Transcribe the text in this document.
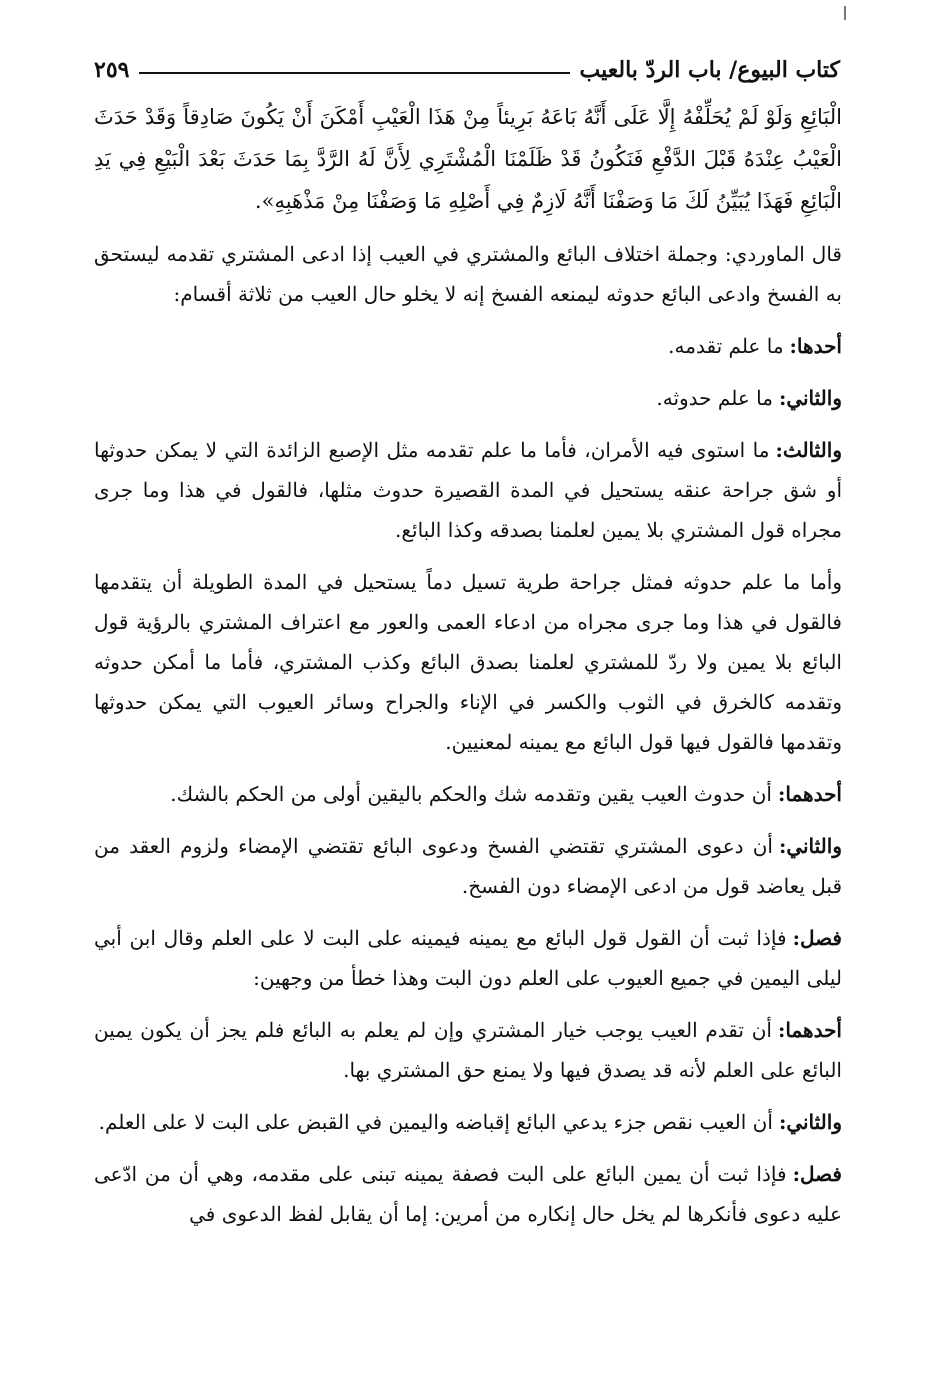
كتاب البيوع/ باب الردّ بالعيب
٢٥٩

الْبَائِعِ وَلَوْ لَمْ يُحَلِّفْهُ إِلَّا عَلَى أَنَّهُ بَاعَهُ بَرِيئاً مِنْ هَذَا الْعَيْبِ أَمْكَنَ أَنْ يَكُونَ صَادِقاً وَقَدْ حَدَثَ الْعَيْبُ عِنْدَهُ قَبْلَ الدَّفْعِ فَنَكُونُ قَدْ ظَلَمْنَا الْمُشْتَرِي لِأَنَّ لَهُ الرَّدَّ بِمَا حَدَثَ بَعْدَ الْبَيْعِ فِي يَدِ الْبَائِعِ فَهَذَا يُبَيِّنُ لَكَ مَا وَصَفْنَا أَنَّهُ لَازِمٌ فِي أَصْلِهِ مَا وَصَفْنَا مِنْ مَذْهَبِهِ».

قال الماوردي: وجملة اختلاف البائع والمشتري في العيب إذا ادعى المشتري تقدمه ليستحق به الفسخ وادعى البائع حدوثه ليمنعه الفسخ إنه لا يخلو حال العيب من ثلاثة أقسام:

أحدها:ما علم تقدمه.

والثاني:ما علم حدوثه.

والثالث:ما استوى فيه الأمران، فأما ما علم تقدمه مثل الإصبع الزائدة التي لا يمكن حدوثها أو شق جراحة عنقه يستحيل في المدة القصيرة حدوث مثلها، فالقول في هذا وما جرى مجراه قول المشتري بلا يمين لعلمنا بصدقه وكذا البائع.

وأما ما علم حدوثه فمثل جراحة طرية تسيل دماً يستحيل في المدة الطويلة أن يتقدمها فالقول في هذا وما جرى مجراه من ادعاء العمى والعور مع اعتراف المشتري بالرؤية قول البائع بلا يمين ولا ردّ للمشتري لعلمنا بصدق البائع وكذب المشتري، فأما ما أمكن حدوثه وتقدمه كالخرق في الثوب والكسر في الإناء والجراح وسائر العيوب التي يمكن حدوثها وتقدمها فالقول فيها قول البائع مع يمينه لمعنيين.

أحدهما:أن حدوث العيب يقين وتقدمه شك والحكم باليقين أولى من الحكم بالشك.

والثاني:أن دعوى المشتري تقتضي الفسخ ودعوى البائع تقتضي الإمضاء ولزوم العقد من قبل يعاضد قول من ادعى الإمضاء دون الفسخ.

فصل:فإذا ثبت أن القول قول البائع مع يمينه فيمينه على البت لا على العلم وقال ابن أبي ليلى اليمين في جميع العيوب على العلم دون البت وهذا خطأ من وجهين:

أحدهما:أن تقدم العيب يوجب خيار المشتري وإن لم يعلم به البائع فلم يجز أن يكون يمين البائع على العلم لأنه قد يصدق فيها ولا يمنع حق المشتري بها.

والثاني:أن العيب نقص جزء يدعي البائع إقباضه واليمين في القبض على البت لا على العلم.

فصل:فإذا ثبت أن يمين البائع على البت فصفة يمينه تبنى على مقدمه، وهي أن من ادّعى عليه دعوى فأنكرها لم يخل حال إنكاره من أمرين: إما أن يقابل لفظ الدعوى في
